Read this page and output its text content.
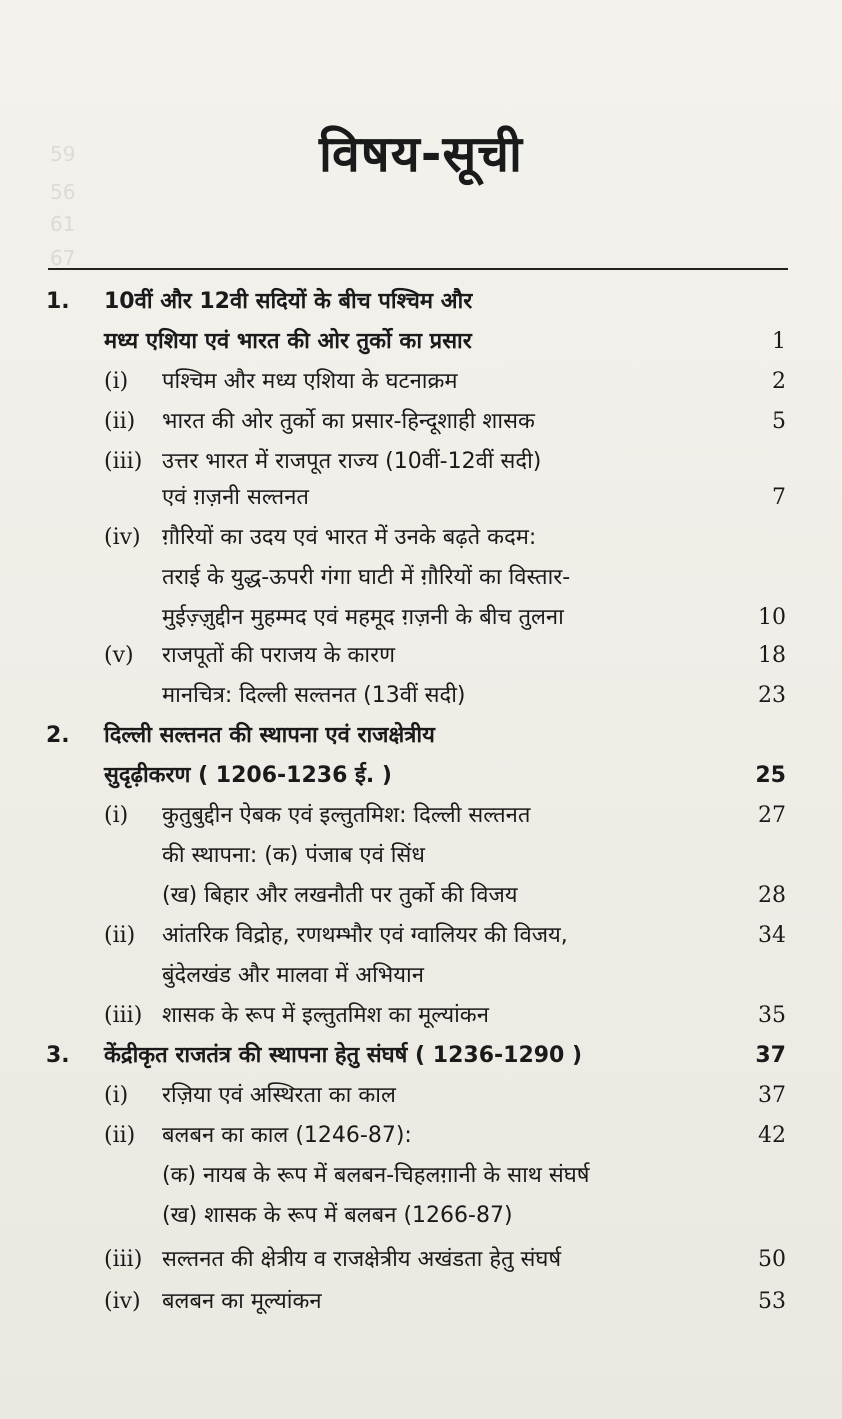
59
56
61
67
विषय-सूची
1. 10वीं और 12वी सदियों के बीच पश्चिम और
मध्य एशिया एवं भारत की ओर तुर्को का प्रसार	1
(i) पश्चिम और मध्य एशिया के घटनाक्रम	2
(ii) भारत की ओर तुर्को का प्रसार-हिन्दूशाही शासक	5
(iii) उत्तर भारत में राजपूत राज्य (10वीं-12वीं सदी)
एवं ग़ज़नी सल्तनत	7
(iv) ग़ौरियों का उदय एवं भारत में उनके बढ़ते कदम:
तराई के युद्ध-ऊपरी गंगा घाटी में ग़ौरियों का विस्तार-
मुईज़्ज़ुद्दीन मुहम्मद एवं महमूद ग़ज़नी के बीच तुलना	10
(v) राजपूतों की पराजय के कारण	18
मानचित्र: दिल्ली सल्तनत (13वीं सदी)	23
2. दिल्ली सल्तनत की स्थापना एवं राजक्षेत्रीय
सुदृढ़ीकरण ( 1206-1236 ई. )	25
(i) कुतुबुद्दीन ऐबक एवं इल्तुतमिश: दिल्ली सल्तनत	27
की स्थापना: (क) पंजाब एवं सिंध
(ख) बिहार और लखनौती पर तुर्को की विजय	28
(ii) आंतरिक विद्रोह, रणथम्भौर एवं ग्वालियर की विजय,	34
बुंदेलखंड और मालवा में अभियान
(iii) शासक के रूप में इल्तुतमिश का मूल्यांकन	35
3. केंद्रीकृत राजतंत्र की स्थापना हेतु संघर्ष ( 1236-1290 )	37
(i) रज़िया एवं अस्थिरता का काल	37
(ii) बलबन का काल (1246-87):	42
(क) नायब के रूप में बलबन-चिहलग़ानी के साथ संघर्ष
(ख) शासक के रूप में बलबन (1266-87)
(iii) सल्तनत की क्षेत्रीय व राजक्षेत्रीय अखंडता हेतु संघर्ष	50
(iv) बलबन का मूल्यांकन	53
